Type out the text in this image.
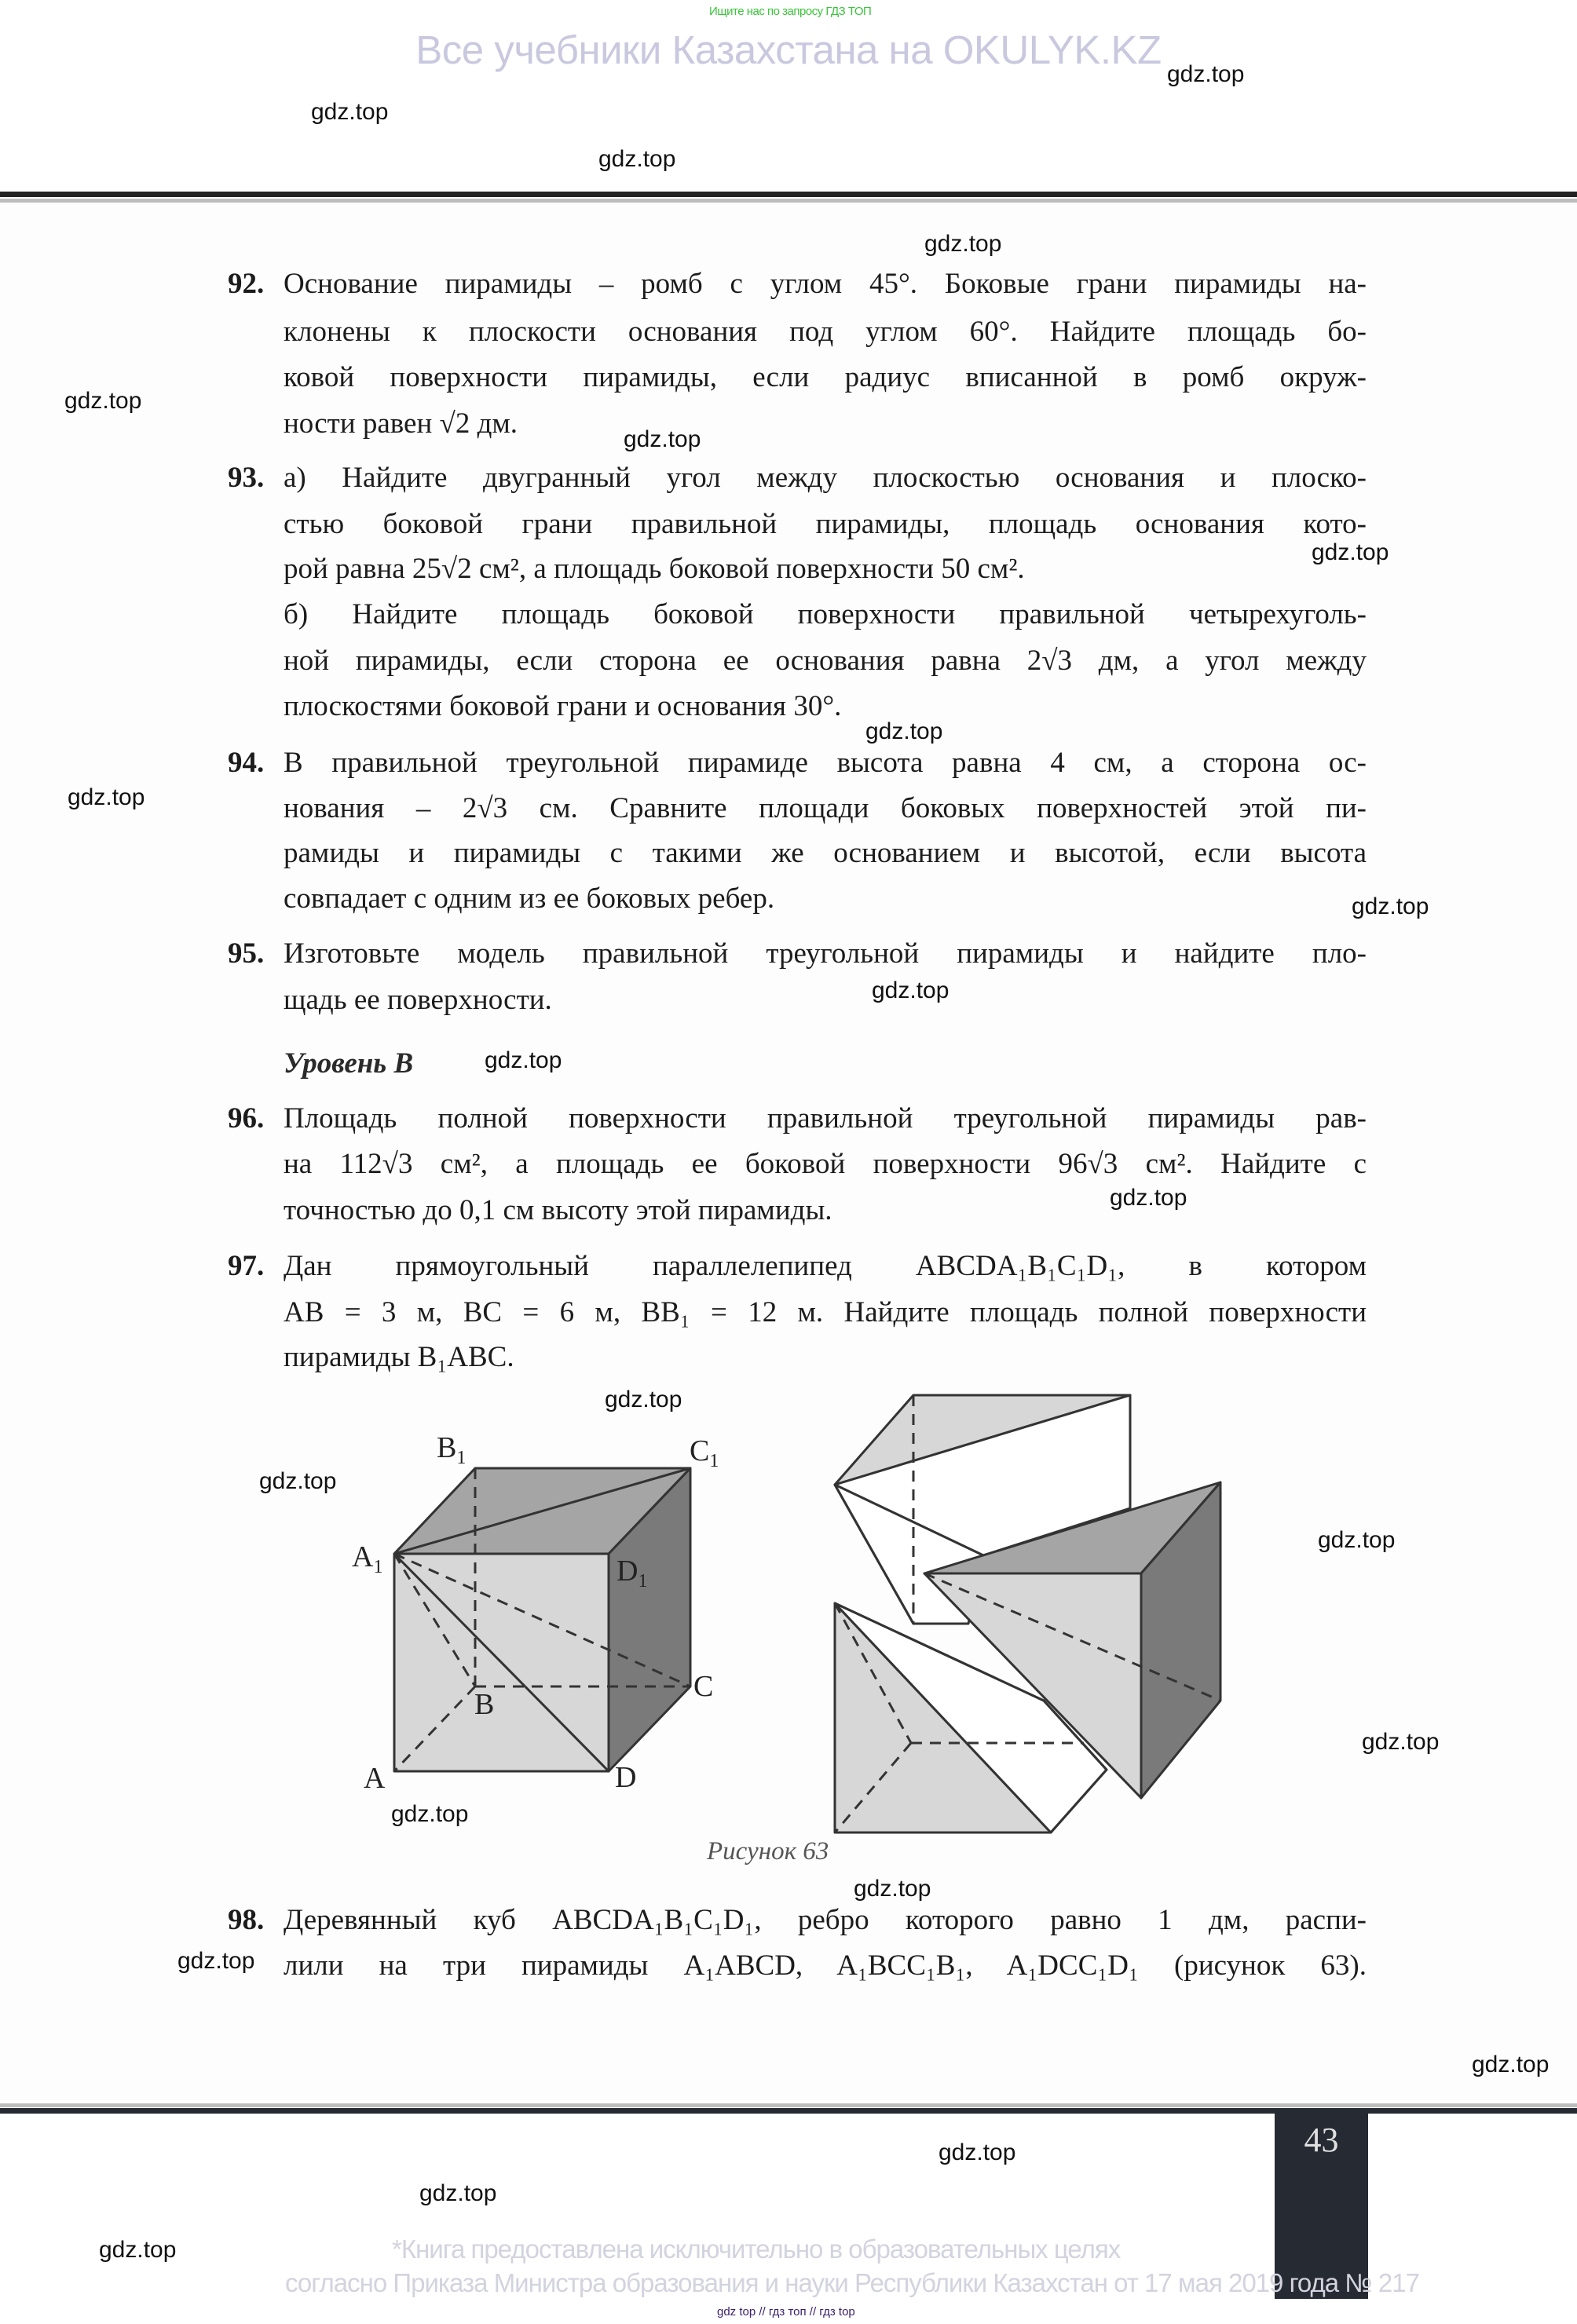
Ищите нас по запросу ГДЗ ТОП
Все учебники Казахстана на OKULYK.KZ
92. Основание пирамиды – ромб с углом 45°. Боковые грани пирамиды на-
клонены к плоскости основания под углом 60°. Найдите площадь бо-
ковой поверхности пирамиды, если радиус вписанной в ромб окруж-
ности равен √2 дм.
93. а) Найдите двугранный угол между плоскостью основания и плоско-
стью боковой грани правильной пирамиды, площадь основания кото-
рой равна 25√2 см², а площадь боковой поверхности 50 см².
б) Найдите площадь боковой поверхности правильной четырехуголь-
ной пирамиды, если сторона ее основания равна 2√3 дм, а угол между
плоскостями боковой грани и основания 30°.
94. В правильной треугольной пирамиде высота равна 4 см, а сторона ос-
нования – 2√3 см. Сравните площади боковых поверхностей этой пи-
рамиды и пирамиды с такими же основанием и высотой, если высота
совпадает с одним из ее боковых ребер.
95. Изготовьте модель правильной треугольной пирамиды и найдите пло-
щадь ее поверхности.
Уровень B
96. Площадь полной поверхности правильной треугольной пирамиды рав-
на 112√3 см², а площадь ее боковой поверхности 96√3 см². Найдите с
точностью до 0,1 см высоту этой пирамиды.
97. Дан прямоугольный параллелепипед ABCDA₁B₁C₁D₁, в котором
AB = 3 м, BC = 6 м, BB₁ = 12 м. Найдите площадь полной поверхности
пирамиды B₁ABC.
$B_1$	$C_1$
$A_1$	$D_1$
C
B
A	D
Рисунок 63
98. Деревянный куб ABCDA₁B₁C₁D₁, ребро которого равно 1 дм, распи-
лили на три пирамиды A₁ABCD, A₁BCC₁B₁, A₁DCC₁D₁ (рисунок 63).
43
*Книга предоставлена исключительно в образовательных целях
согласно Приказа Министра образования и науки Республики Казахстан от 17 мая 2019 года № 217
gdz top // гдз топ // гдз top
gdz.top
gdz.top
gdz.top
gdz.top
gdz.top
gdz.top
gdz.top
gdz.top
gdz.top
gdz.top
gdz.top
gdz.top
gdz.top
gdz.top
gdz.top
gdz.top
gdz.top
gdz.top
gdz.top
gdz.top
gdz.top
gdz.top
gdz.top
gdz.top
